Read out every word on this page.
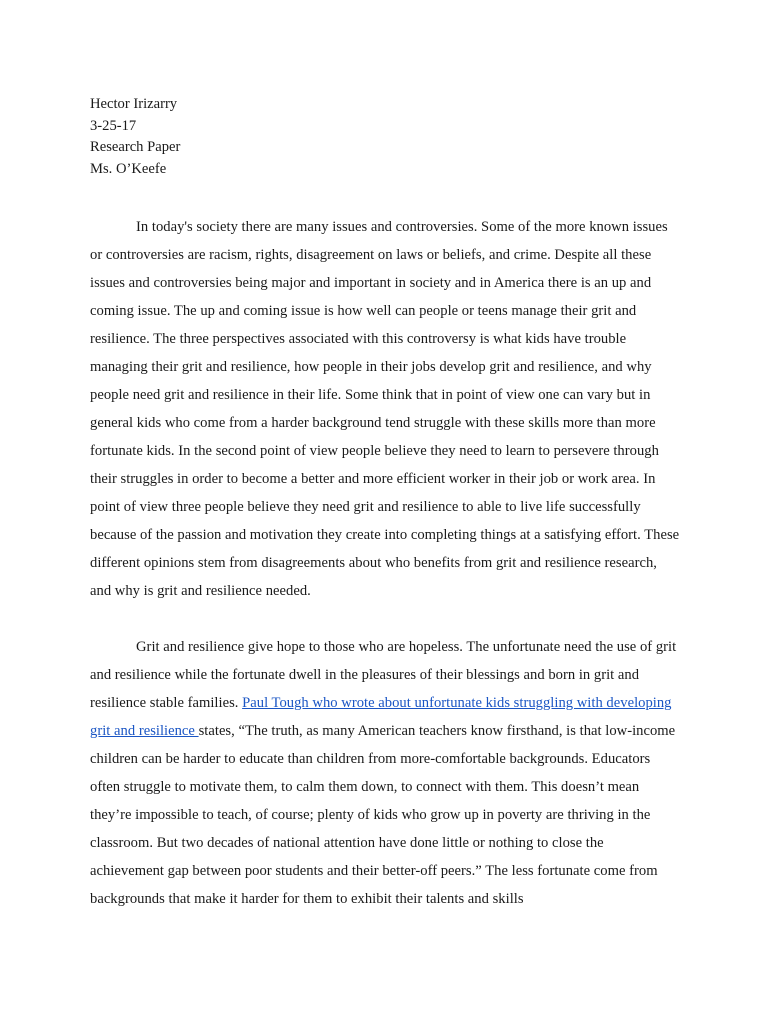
Hector Irizarry

3-25-17

Research Paper

Ms. O’Keefe

In today's society there are many issues and controversies. Some of the more known issues or controversies are racism, rights, disagreement on laws or beliefs, and crime. Despite all these issues and controversies being major and important in society and in America there is an up and coming issue. The up and coming issue is how well can people or teens manage their grit and resilience. The three perspectives associated with this controversy is what kids have trouble managing their grit and resilience, how people in their jobs develop grit and resilience, and why people need grit and resilience in their life. Some think that in point of view one can vary but in general kids who come from a harder background tend struggle with these skills more than more fortunate kids. In the second point of view people believe they need to learn to persevere through their struggles in order to become a better and more efficient worker in their job or work area. In point of view three people believe they need grit and resilience to able to live life successfully because of the passion and motivation they create into completing things at a satisfying effort. These different opinions stem from disagreements about who benefits from grit and resilience research, and why is grit and resilience needed.

Grit and resilience give hope to those who are hopeless. The unfortunate need the use of grit and resilience while the fortunate dwell in the pleasures of their blessings and born in grit and resilience stable families. Paul Tough who wrote about unfortunate kids struggling with developing grit and resilience states, “The truth, as many American teachers know firsthand, is that low-income children can be harder to educate than children from more-comfortable backgrounds. Educators often struggle to motivate them, to calm them down, to connect with them. This doesn’t mean they’re impossible to teach, of course; plenty of kids who grow up in poverty are thriving in the classroom. But two decades of national attention have done little or nothing to close the achievement gap between poor students and their better-off peers.” The less fortunate come from backgrounds that make it harder for them to exhibit their talents and skills
